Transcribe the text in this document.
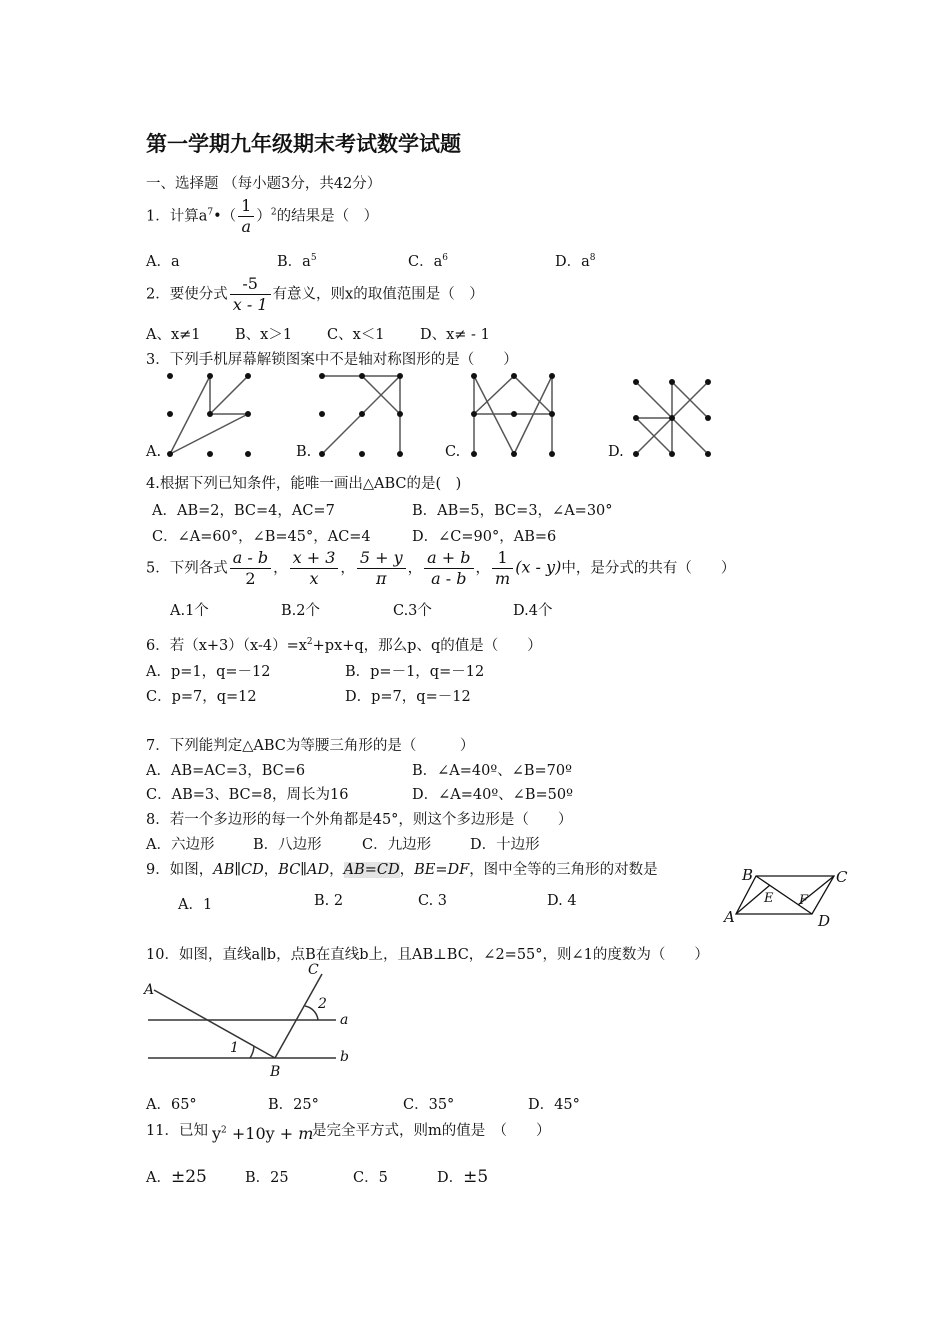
第一学期九年级期末考试数学试题
一、选择题 （每小题3分，共42分）
1．计算$a^7•( \frac{1}{a} )^2$的结果是（　）
A．a	B．$a^5$	C．$a^6$	D．$a^8$
2．要使分式 $\frac{-5}{x - 1}$ 有意义，则x的取值范围是（　）
A、x≠1 B、x＞1 C、x＜1 D、x≠ - 1
3．下列手机屏幕解锁图案中不是轴对称图形的是（　　）
A.	B.	C.	D.
4.根据下列已知条件，能唯一画出△ABC的是(　)
A．AB=2，BC=4，AC=7	B．AB=5，BC=3，∠A=30°
C．∠A=60°，∠B=45°，AC=4	D．∠C=90°，AB=6
5．下列各式 $\frac{a - b}{2}$ ， $\frac{x + 3}{x}$ ， $\frac{5 + y}{\pi}$ ， $\frac{a + b}{a - b}$ ， $\frac{1}{m} (x - y)$中，是分式的共有（　　）
A.1个	B.2个	C.3个	D.4个
6．若$(x+3)(x-4)=x^2+px+q$，那么p、q的值是（　　）
A．p=1，q=－12	B．p=－1，q=－12
C．p=7，q=12	D．p=7，q=－12
7．下列能判定△ABC为等腰三角形的是（　　　）
A．AB=AC=3，BC=6	B．∠A=40º、∠B=70º
C．AB=3、BC=8，周长为16	D．∠A=40º、∠B=50º
8．若一个多边形的每一个外角都是45°，则这个多边形是（　　）
A．六边形	B．八边形	C．九边形	D．十边形
9．如图，AB∥CD，BC∥AD，AB=CD，BE=DF，图中全等的三角形的对数是
A．1	B. 2	C. 3	D. 4
B	C
A	D
E F
10．如图，直线a∥b，点B在直线b上，且AB⊥BC，∠2=55°，则∠1的度数为（　　）
A
C
2
a
1
b
B
A．65°	B．25°	C．35°	D．45°
11．已知 $y^2 +10y + m$
是完全平方式，则m的值是　（　　）
A．±25	B．25	C．5	D．±5
